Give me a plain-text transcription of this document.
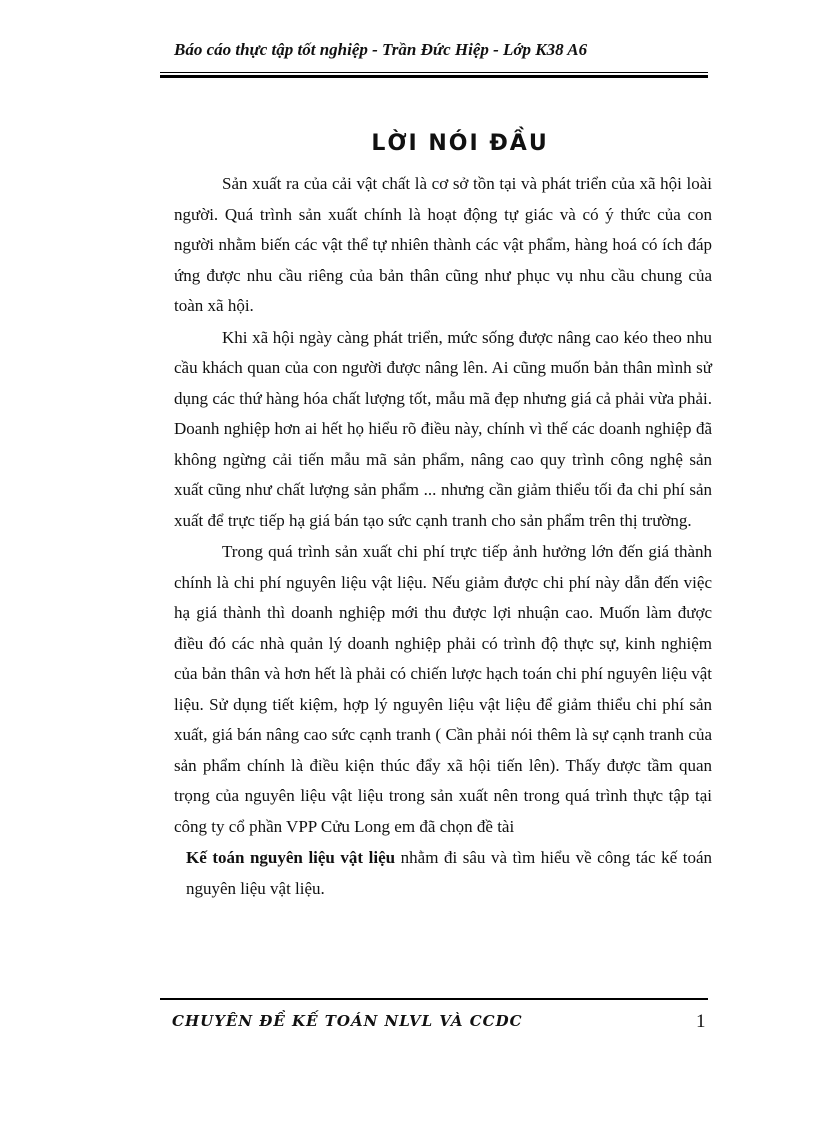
Báo cáo thực tập tốt nghiệp - Trần Đức Hiệp - Lớp K38 A6
LỜI NÓI ĐẦU

Sản xuất ra của cải vật chất là cơ sở tồn tại và phát triển của xã hội loài người. Quá trình sản xuất chính là hoạt động tự giác và có ý thức của con người nhằm biến các vật thể tự nhiên thành các vật phẩm, hàng hoá có ích đáp ứng được nhu cầu riêng của bản thân cũng như phục vụ nhu cầu chung của toàn xã hội.

Khi xã hội ngày càng phát triển, mức sống được nâng cao kéo theo nhu cầu khách quan của con người được nâng lên. Ai cũng muốn bản thân mình sử dụng các thứ hàng hóa chất lượng tốt, mẫu mã đẹp nhưng giá cả phải vừa phải. Doanh nghiệp hơn ai hết họ hiểu rõ điều này, chính vì thế các doanh nghiệp đã không ngừng cải tiến mẫu mã sản phẩm, nâng cao quy trình công nghệ sản xuất cũng như chất lượng sản phẩm ... nhưng cần giảm thiểu tối đa chi phí sản xuất để trực tiếp hạ giá bán tạo sức cạnh tranh cho sản phẩm trên thị trường.

Trong quá trình sản xuất chi phí trực tiếp ảnh hưởng lớn đến giá thành chính là chi phí nguyên liệu vật liệu. Nếu giảm được chi phí này dẫn đến việc hạ giá thành thì doanh nghiệp mới thu được lợi nhuận cao. Muốn làm được điều đó các nhà quản lý doanh nghiệp phải có trình độ thực sự, kinh nghiệm của bản thân và hơn hết là phải có chiến lược hạch toán chi phí nguyên liệu vật liệu. Sử dụng tiết kiệm, hợp lý nguyên liệu vật liệu để giảm thiểu chi phí sản xuất, giá bán nâng cao sức cạnh tranh ( Cần phải nói thêm là sự cạnh tranh của sản phẩm chính là điều kiện thúc đẩy xã hội tiến lên). Thấy được tầm quan trọng của nguyên liệu vật liệu trong sản xuất nên trong quá trình thực tập tại công ty cổ phần VPP Cửu Long em đã chọn đề tài

Kế toán nguyên liệu vật liệu nhằm đi sâu và tìm hiểu về công tác kế toán nguyên liệu vật liệu.

CHUYÊN ĐỀ KẾ TOÁN NLVL VÀ CCDC	1
